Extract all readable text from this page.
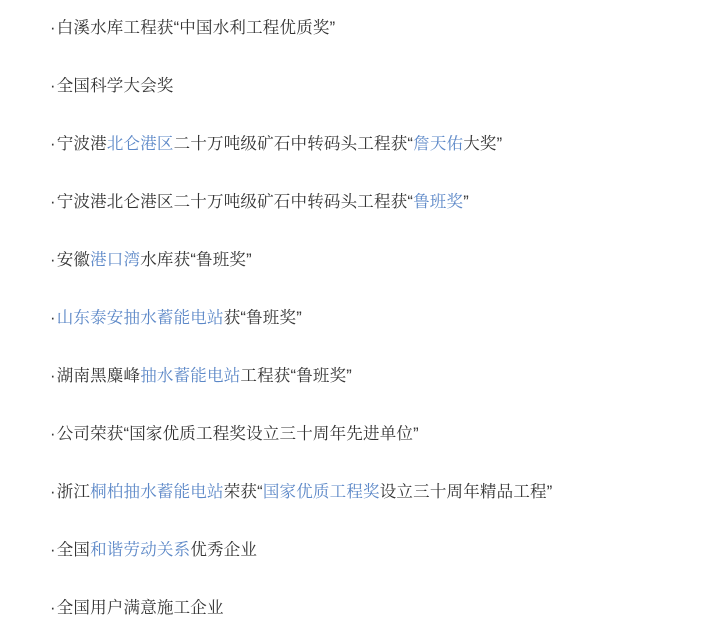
· 白溪水库工程获“中国水利工程优质奖”
· 全国科学大会奖
· 宁波港 北仑港区 二十万吨级矿石中转码头工程获“ 詹天佑 大奖”
· 宁波港北仑港区二十万吨级矿石中转码头工程获“ 鲁班奖 ”
· 安徽 港口湾 水库获“鲁班奖”
· 山东泰安抽水蓄能电站 获“鲁班奖”
· 湖南黑麋峰 抽水蓄能电站 工程获“鲁班奖”
· 公司荣获“国家优质工程奖设立三十周年先进单位”
· 浙江 桐柏抽水蓄能电站 荣获“ 国家优质工程奖 设立三十周年精品工程”
· 全国 和谐劳动关系 优秀企业
· 全国用户满意施工企业
